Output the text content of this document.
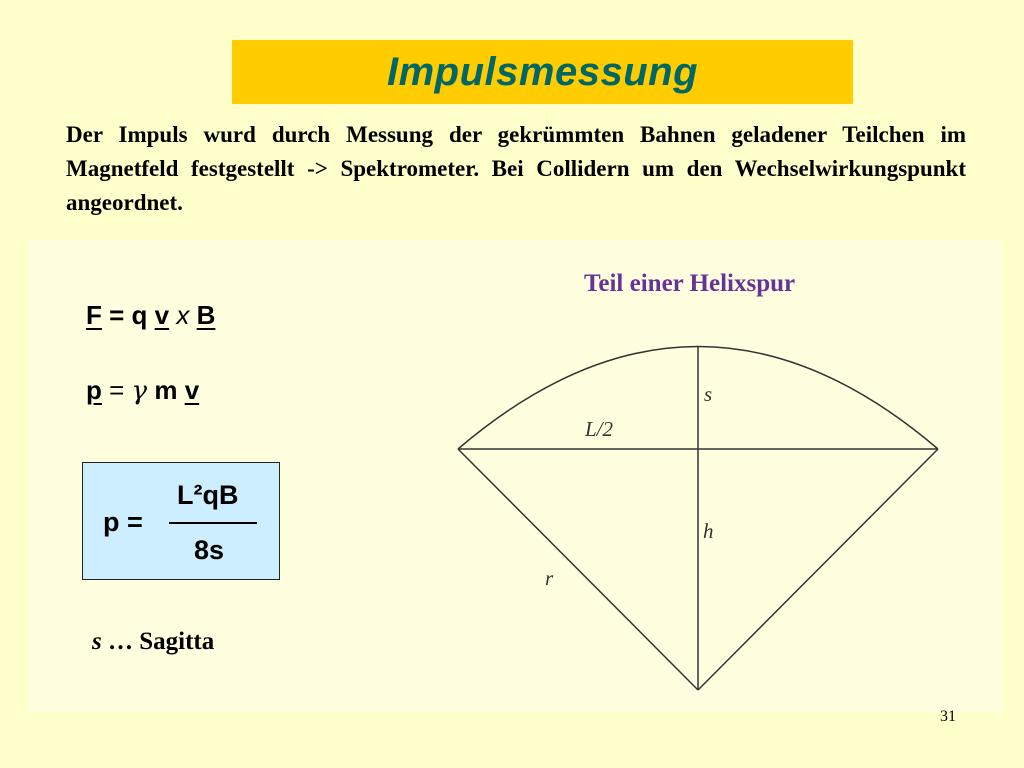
Impulsmessung

Der Impuls wurd durch Messung der gekrümmten Bahnen geladener Teilchen im Magnetfeld festgestellt -> Spektrometer. Bei Collidern um den Wechselwirkungspunkt angeordnet.

F = q v x B
p = γ m v
p =
L²qB
8s
s … Sagitta
Teil einer Helixspur
s
L/2
h
r
31
